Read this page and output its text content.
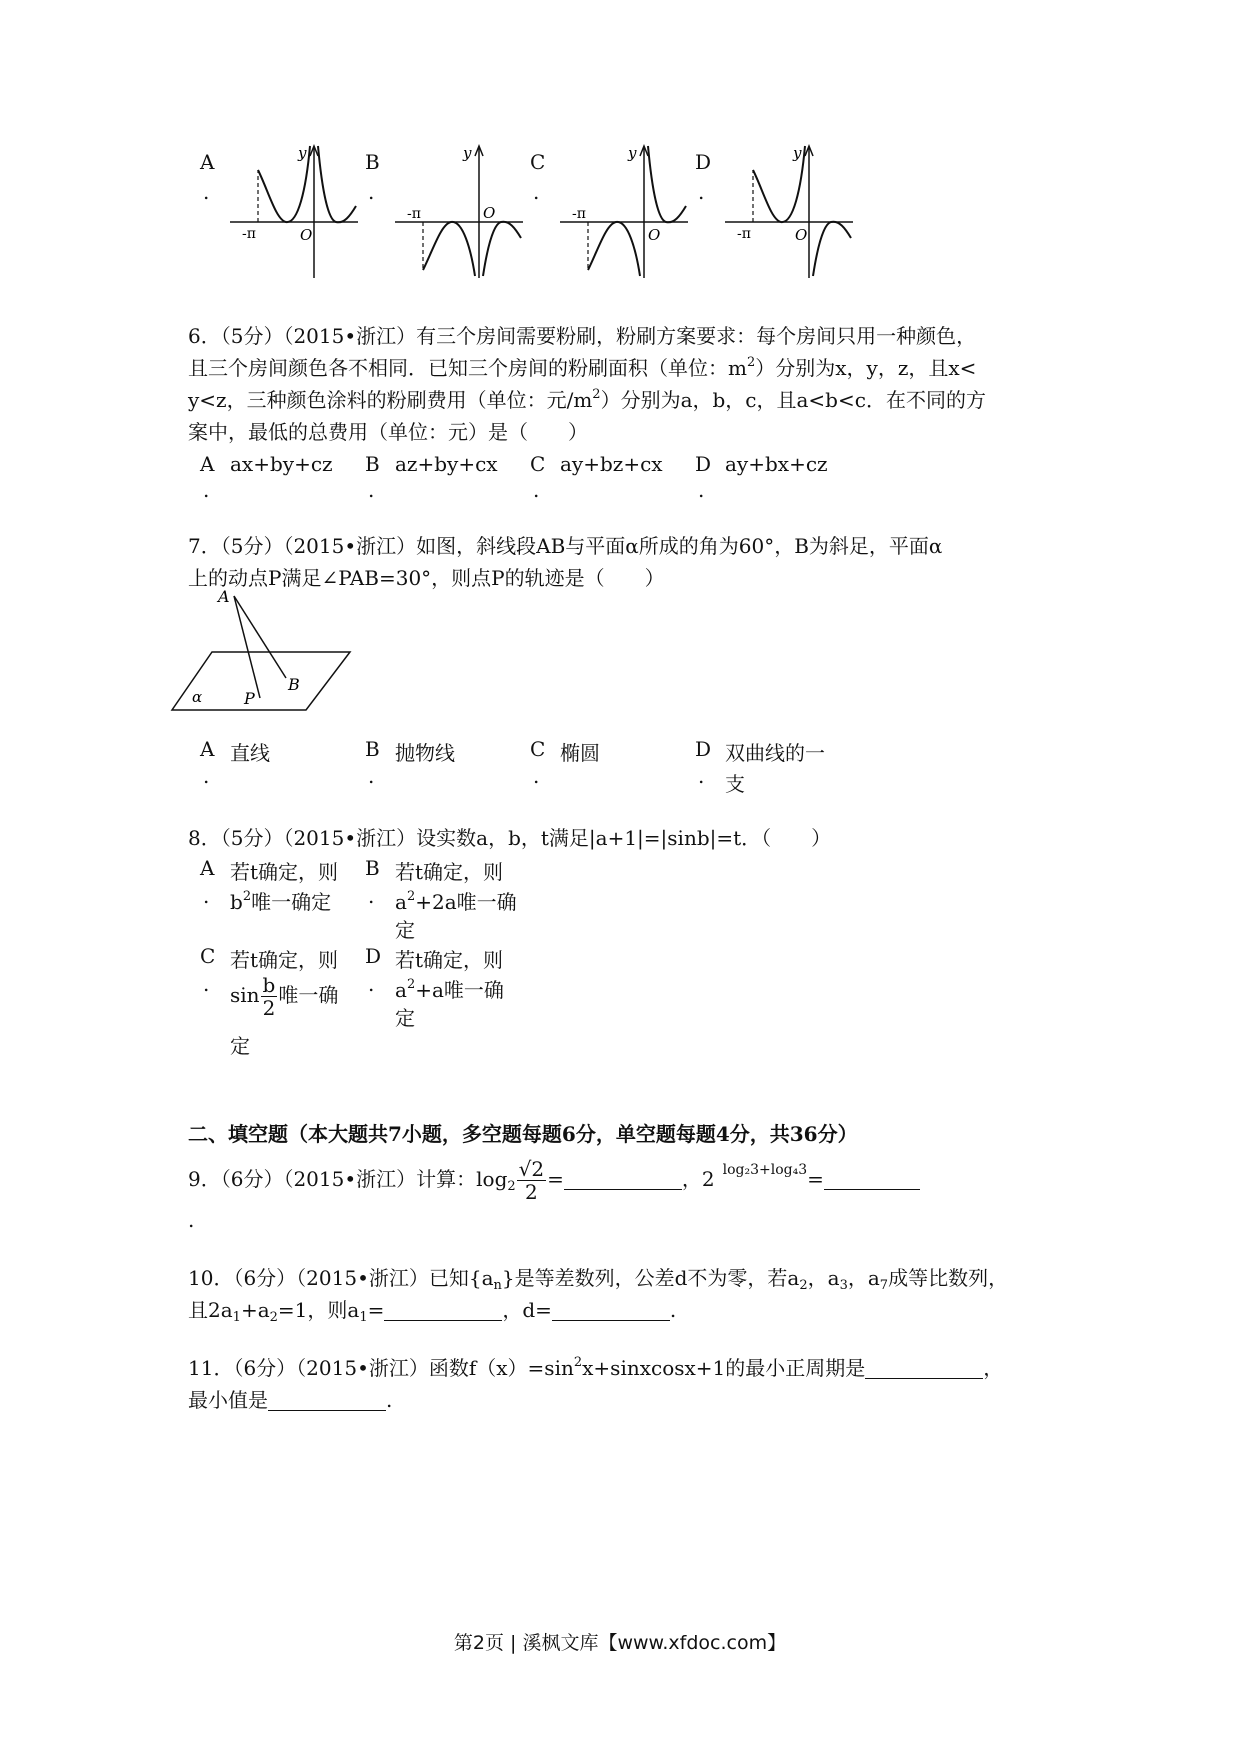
A
.
-π	O
y	B
.
-π	O
y	C
.
-π
O
y	D
.
-π	O
y
6．（5分）（2015•浙江）有三个房间需要粉刷，粉刷方案要求：每个房间只用一种颜色，
且三个房间颜色各不相同．已知三个房间的粉刷面积（单位：$m^2$）分别为x，y，z，且x<
y<z，三种颜色涂料的粉刷费用（单位：元$/m^2$）分别为a，b，c，且a<b<c．在不同的方
案中，最低的总费用（单位：元）是（　　）
A
.
ax+by+cz B
.
az+by+cx C
.
ay+bz+cx D
.
ay+bx+cz
7．（5分）（2015•浙江）如图，斜线段AB与平面α所成的角为60°，B为斜足，平面α
上的动点P满足∠PAB=30°，则点P的轨迹是（　　）
A
B
P
α
A
.
直线	B
.
抛物线	C
.
椭圆	D
.
双曲线的一
支
8．（5分）（2015•浙江）设实数a，b，t满足|a+1|=|sinb|=t．（　　）
A
.
若t确定，则
$b^2$唯一确定
B
.
若t确定，则
$a^2+2a$唯一确
定
C
.
若t确定，则
$\sin \frac{b}{2}$ 唯一确
定
D
.
若t确定，则
$a^2+a$唯一确
定
二、填空题（本大题共7小题，多空题每题6分，单空题每题4分，共36分）
9．（6分）（2015•浙江）计算：$\log_2 \frac{√2}{2}$ =	，2 $^{log_23+log_43}$=
.
10．（6分）（2015•浙江）已知$\{a_n\}$是等差数列，公差d不为零，若$a_2$，$a_3$，$a_7$成等比数列，
且$2a_1+a_2=1$，则$a_1=$	，d=	.
11．（6分）（2015•浙江）函数$f(x)=\sin^2x+sinxcosx+1$的最小正周期是	，
最小值是	.
第2页 | 溪枫文库【www.xfdoc.com】
